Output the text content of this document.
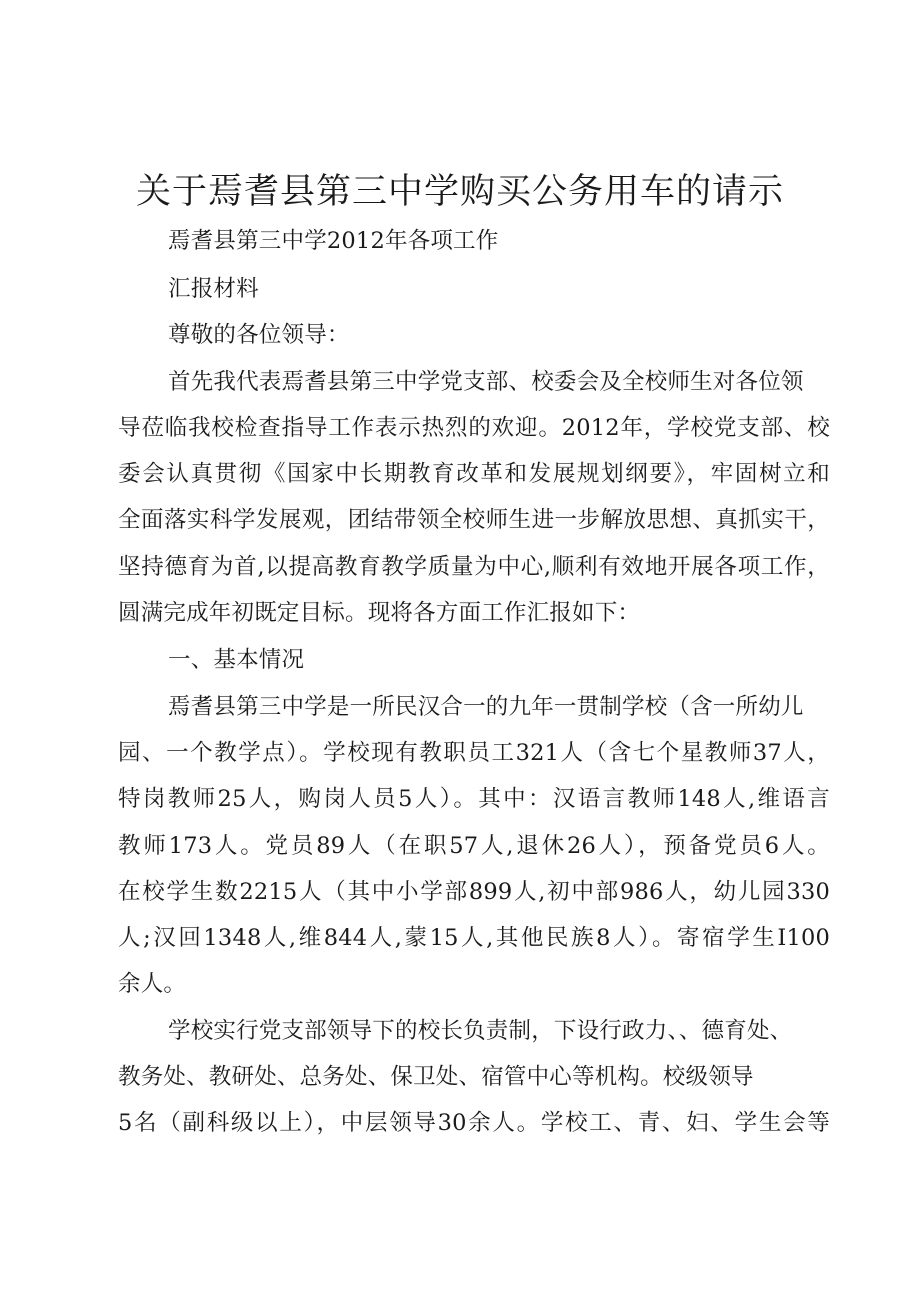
关于焉耆县第三中学购买公务用车的请示
焉耆县第三中学2012年各项工作
汇报材料
尊敬的各位领导：
首先我代表焉耆县第三中学党支部、校委会及全校师生对各位领
导莅临我校检查指导工作表示热烈的欢迎。2012年，学校党支部、校
委会认真贯彻《国家中长期教育改革和发展规划纲要》，牢固树立和
全面落实科学发展观，团结带领全校师生进一步解放思想、真抓实干，
坚持德育为首,以提高教育教学质量为中心,顺利有效地开展各项工作，
圆满完成年初既定目标。现将各方面工作汇报如下：
一、基本情况
焉耆县第三中学是一所民汉合一的九年一贯制学校（含一所幼儿
园、一个教学点）。学校现有教职员工321人（含七个星教师37人，
特岗教师25人，购岗人员5人）。其中：汉语言教师148人,维语言
教师173人。党员89人（在职57人,退休26人），预备党员6人。
在校学生数2215人（其中小学部899人,初中部986人，幼儿园330
人;汉回1348人,维844人,蒙15人,其他民族8人）。寄宿学生I100
余人。
学校实行党支部领导下的校长负责制，下设行政力、、德育处、
教务处、教研处、总务处、保卫处、宿管中心等机构。校级领导
5名（副科级以上），中层领导30余人。学校工、青、妇、学生会等
